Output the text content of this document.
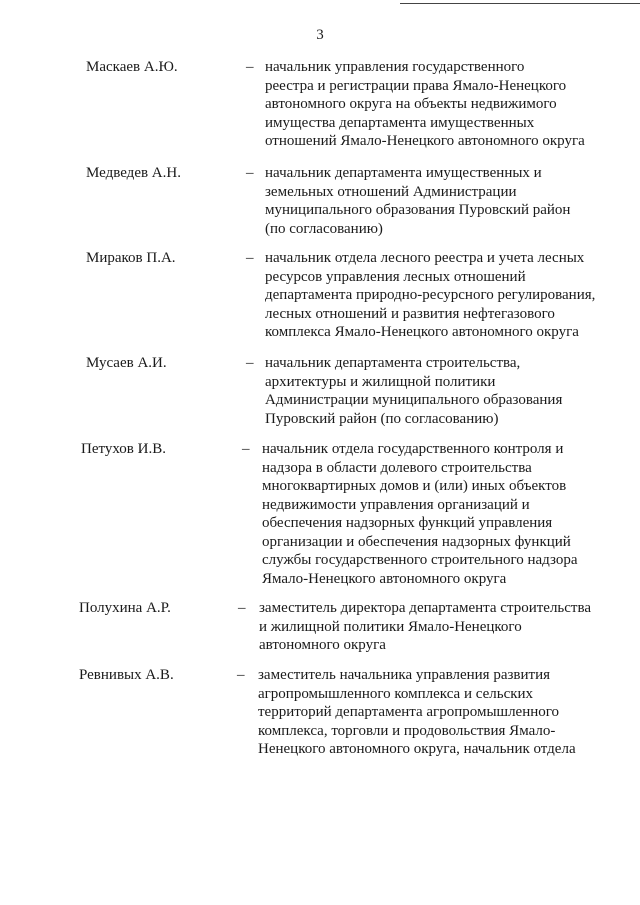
3
Маскаев А.Ю.	– начальник управления государственного
реестра и регистрации права Ямало-Ненецкого
автономного округа на объекты недвижимого
имущества департамента имущественных
отношений Ямало-Ненецкого автономного округа
Медведев А.Н.	– начальник департамента имущественных и
земельных отношений Администрации
муниципального образования Пуровский район
(по согласованию)
Мираков П.А.	– начальник отдела лесного реестра и учета лесных
ресурсов управления лесных отношений
департамента природно-ресурсного регулирования,
лесных отношений и развития нефтегазового
комплекса Ямало-Ненецкого автономного округа
Мусаев А.И.	– начальник департамента строительства,
архитектуры и жилищной политики
Администрации муниципального образования
Пуровский район (по согласованию)
Петухов И.В.	– начальник отдела государственного контроля и
надзора в области долевого строительства
многоквартирных домов и (или) иных объектов
недвижимости управления организаций и
обеспечения надзорных функций управления
организации и обеспечения надзорных функций
службы государственного строительного надзора
Ямало-Ненецкого автономного округа
Полухина А.Р.	– заместитель директора департамента строительства
и жилищной политики Ямало-Ненецкого
автономного округа
Ревнивых А.В.	– заместитель начальника управления развития
агропромышленного комплекса и сельских
территорий департамента агропромышленного
комплекса, торговли и продовольствия Ямало-
Ненецкого автономного округа, начальник отдела
